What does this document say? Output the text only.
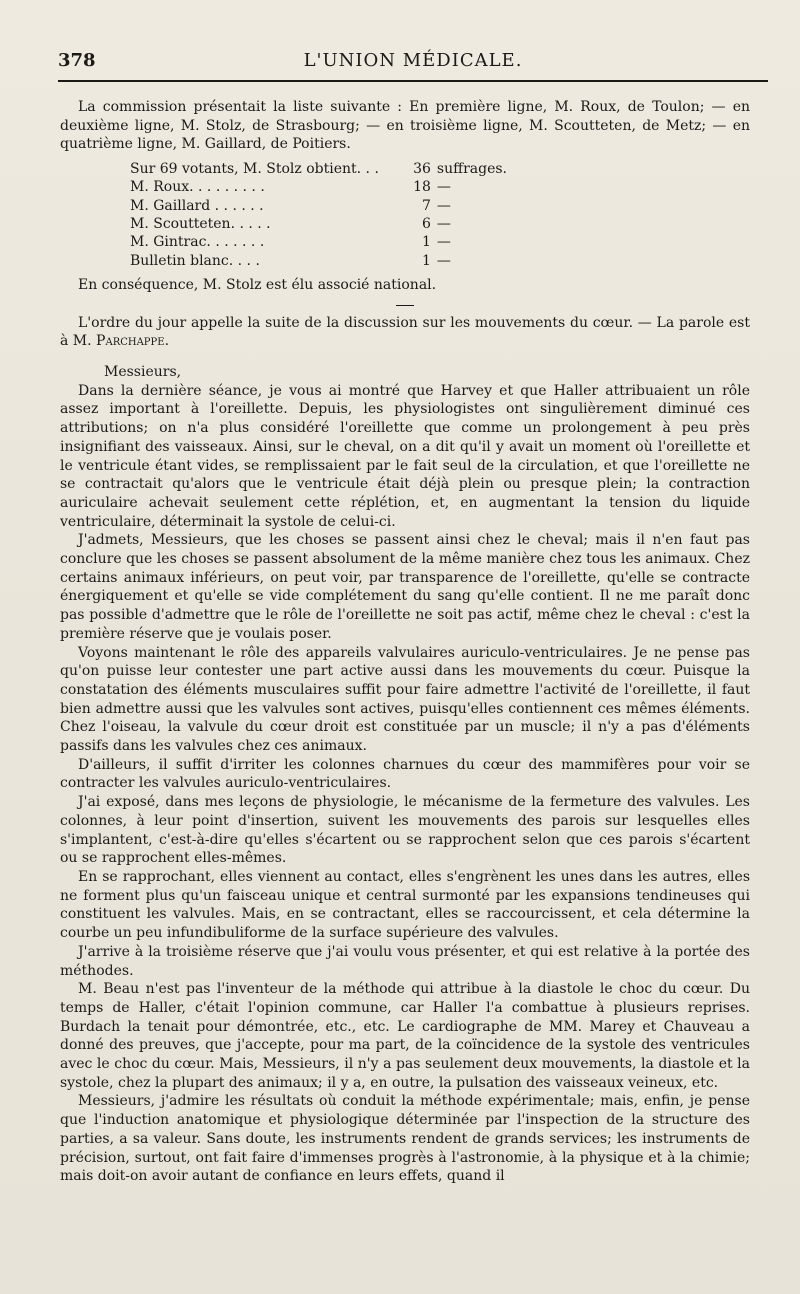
378	L'UNION MÉDICALE.

La commission présentait la liste suivante : En première ligne, M. Roux, de Toulon; — en deuxième ligne, M. Stolz, de Strasbourg; — en troisième ligne, M. Scoutteten, de Metz; — en quatrième ligne, M. Gaillard, de Poitiers.

Sur 69 votants, M. Stolz obtient. . .	36	suffrages.
M. Roux. . . . . . . . .	18	—
M. Gaillard . . . . . .	7	—
M. Scoutteten. . . . .	6	—
M. Gintrac. . . . . . .	1	—
Bulletin blanc. . . .	1	—

En conséquence, M. Stolz est élu associé national.

L'ordre du jour appelle la suite de la discussion sur les mouvements du cœur. — La parole est à M. Parchappe.

Messieurs,

Dans la dernière séance, je vous ai montré que Harvey et que Haller attribuaient un rôle assez important à l'oreillette. Depuis, les physiologistes ont singulièrement diminué ces attributions; on n'a plus considéré l'oreillette que comme un prolongement à peu près insignifiant des vaisseaux. Ainsi, sur le cheval, on a dit qu'il y avait un moment où l'oreillette et le ventricule étant vides, se remplissaient par le fait seul de la circulation, et que l'oreillette ne se contractait qu'alors que le ventricule était déjà plein ou presque plein; la contraction auriculaire achevait seulement cette réplétion, et, en augmentant la tension du liquide ventriculaire, déterminait la systole de celui-ci.

J'admets, Messieurs, que les choses se passent ainsi chez le cheval; mais il n'en faut pas conclure que les choses se passent absolument de la même manière chez tous les animaux. Chez certains animaux inférieurs, on peut voir, par transparence de l'oreillette, qu'elle se contracte énergiquement et qu'elle se vide complétement du sang qu'elle contient. Il ne me paraît donc pas possible d'admettre que le rôle de l'oreillette ne soit pas actif, même chez le cheval : c'est la première réserve que je voulais poser.

Voyons maintenant le rôle des appareils valvulaires auriculo-ventriculaires. Je ne pense pas qu'on puisse leur contester une part active aussi dans les mouvements du cœur. Puisque la constatation des éléments musculaires suffit pour faire admettre l'activité de l'oreillette, il faut bien admettre aussi que les valvules sont actives, puisqu'elles contiennent ces mêmes éléments. Chez l'oiseau, la valvule du cœur droit est constituée par un muscle; il n'y a pas d'éléments passifs dans les valvules chez ces animaux.

D'ailleurs, il suffit d'irriter les colonnes charnues du cœur des mammifères pour voir se contracter les valvules auriculo-ventriculaires.

J'ai exposé, dans mes leçons de physiologie, le mécanisme de la fermeture des valvules. Les colonnes, à leur point d'insertion, suivent les mouvements des parois sur lesquelles elles s'implantent, c'est-à-dire qu'elles s'écartent ou se rapprochent selon que ces parois s'écartent ou se rapprochent elles-mêmes.

En se rapprochant, elles viennent au contact, elles s'engrènent les unes dans les autres, elles ne forment plus qu'un faisceau unique et central surmonté par les expansions tendineuses qui constituent les valvules. Mais, en se contractant, elles se raccourcissent, et cela détermine la courbe un peu infundibuliforme de la surface supérieure des valvules.

J'arrive à la troisième réserve que j'ai voulu vous présenter, et qui est relative à la portée des méthodes.

M. Beau n'est pas l'inventeur de la méthode qui attribue à la diastole le choc du cœur. Du temps de Haller, c'était l'opinion commune, car Haller l'a combattue à plusieurs reprises. Burdach la tenait pour démontrée, etc., etc. Le cardiographe de MM. Marey et Chauveau a donné des preuves, que j'accepte, pour ma part, de la coïncidence de la systole des ventricules avec le choc du cœur. Mais, Messieurs, il n'y a pas seulement deux mouvements, la diastole et la systole, chez la plupart des animaux; il y a, en outre, la pulsation des vaisseaux veineux, etc.

Messieurs, j'admire les résultats où conduit la méthode expérimentale; mais, enfin, je pense que l'induction anatomique et physiologique déterminée par l'inspection de la structure des parties, a sa valeur. Sans doute, les instruments rendent de grands services; les instruments de précision, surtout, ont fait faire d'immenses progrès à l'astronomie, à la physique et à la chimie; mais doit-on avoir autant de confiance en leurs effets, quand il
